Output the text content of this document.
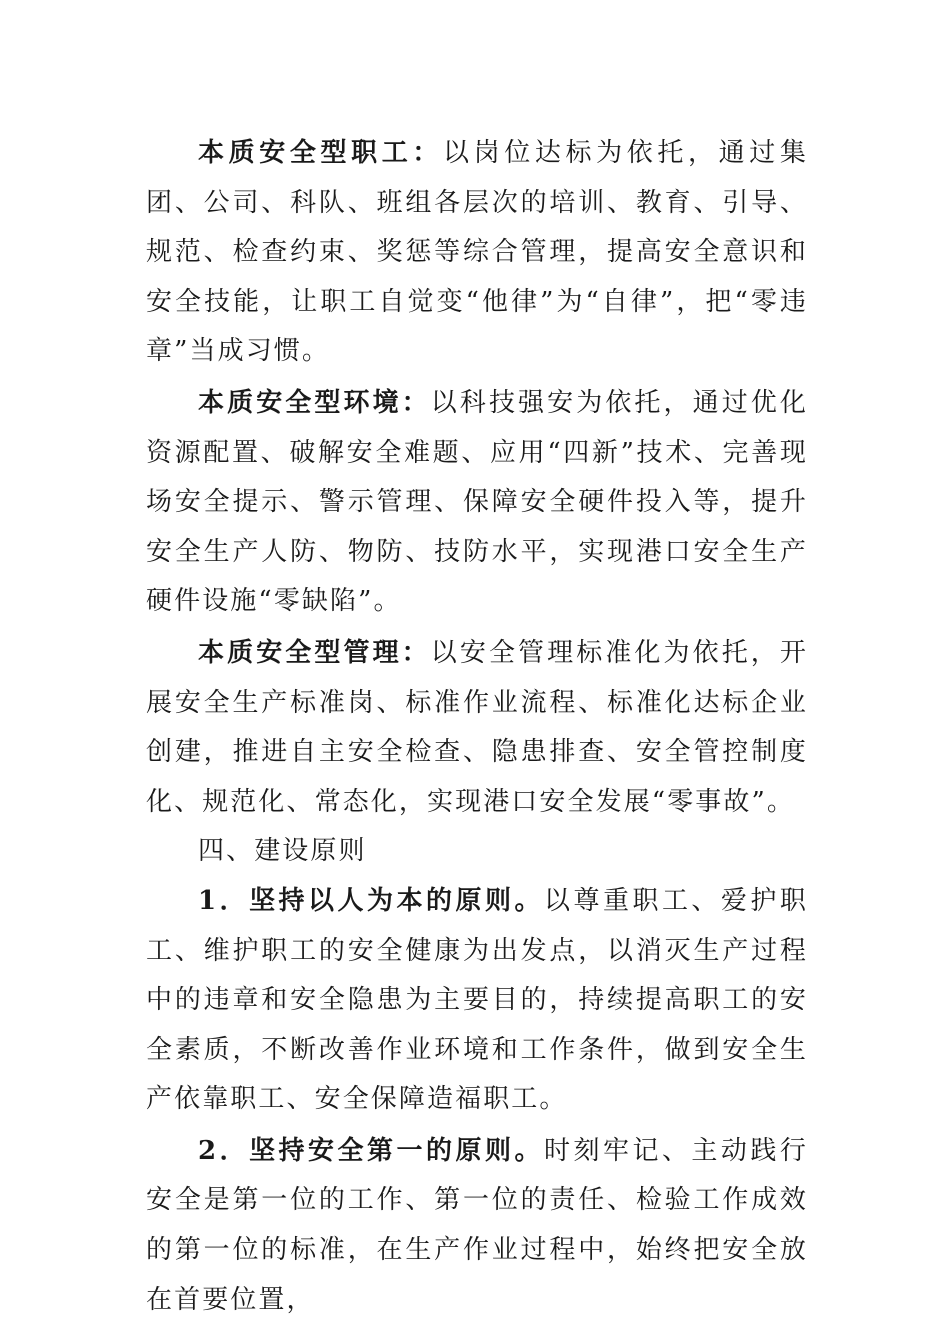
本质安全型职工：以岗位达标为依托，通过集团、公司、科队、班组各层次的培训、教育、引导、规范、检查约束、奖惩等综合管理，提高安全意识和安全技能，让职工自觉变“他律”为“自律”，把“零违章”当成习惯。

本质安全型环境：以科技强安为依托，通过优化资源配置、破解安全难题、应用“四新”技术、完善现场安全提示、警示管理、保障安全硬件投入等，提升安全生产人防、物防、技防水平，实现港口安全生产硬件设施“零缺陷”。

本质安全型管理：以安全管理标准化为依托，开展安全生产标准岗、标准作业流程、标准化达标企业创建，推进自主安全检查、隐患排查、安全管控制度化、规范化、常态化，实现港口安全发展“零事故”。

四、建设原则

1．坚持以人为本的原则。以尊重职工、爱护职工、维护职工的安全健康为出发点，以消灭生产过程中的违章和安全隐患为主要目的，持续提高职工的安全素质，不断改善作业环境和工作条件，做到安全生产依靠职工、安全保障造福职工。

2．坚持安全第一的原则。时刻牢记、主动践行安全是第一位的工作、第一位的责任、检验工作成效的第一位的标准，在生产作业过程中，始终把安全放在首要位置，
